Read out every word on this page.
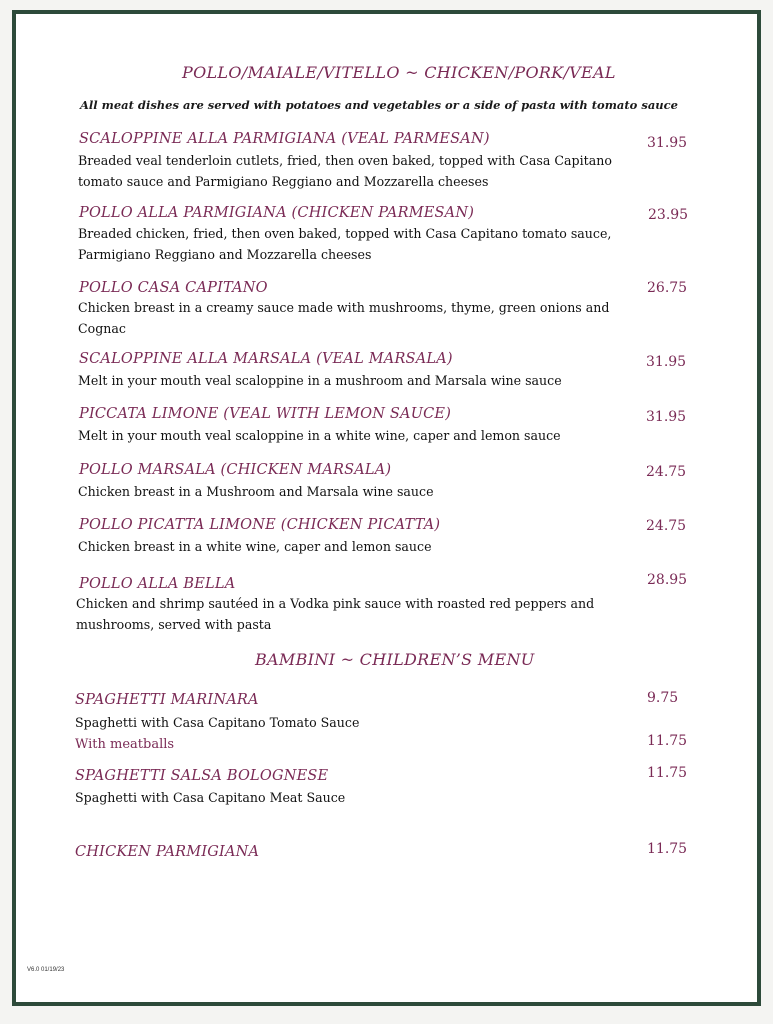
POLLO/MAIALE/VITELLO ~ CHICKEN/PORK/VEAL
All meat dishes are served with potatoes and vegetables or a side of pasta with tomato sauce
SCALOPPINE ALLA PARMIGIANA (VEAL PARMESAN)	31.95
Breaded veal tenderloin cutlets, fried, then oven baked, topped with Casa Capitano tomato sauce and Parmigiano Reggiano and Mozzarella cheeses
POLLO ALLA PARMIGIANA (CHICKEN PARMESAN)	23.95
Breaded chicken, fried, then oven baked, topped with Casa Capitano tomato sauce, Parmigiano Reggiano and Mozzarella cheeses
POLLO CASA CAPITANO	26.75
Chicken breast in a creamy sauce made with mushrooms, thyme, green onions and Cognac
SCALOPPINE ALLA MARSALA (VEAL MARSALA)	31.95
Melt in your mouth veal scaloppine in a mushroom and Marsala wine sauce
PICCATA LIMONE (VEAL WITH LEMON SAUCE)	31.95
Melt in your mouth veal scaloppine in a white wine, caper and lemon sauce
POLLO MARSALA (CHICKEN MARSALA)	24.75
Chicken breast in a Mushroom and Marsala wine sauce
POLLO PICATTA LIMONE (CHICKEN PICATTA)	24.75
Chicken breast in a white wine, caper and lemon sauce
POLLO ALLA BELLA	28.95
Chicken and shrimp sautéed in a Vodka pink sauce with roasted red peppers and mushrooms, served with pasta
BAMBINI ~ CHILDREN’S MENU
SPAGHETTI MARINARA	9.75
Spaghetti with Casa Capitano Tomato Sauce
With meatballs	11.75
SPAGHETTI SALSA BOLOGNESE	11.75
Spaghetti with Casa Capitano Meat Sauce
CHICKEN PARMIGIANA	11.75
V6.0 01/19/23
